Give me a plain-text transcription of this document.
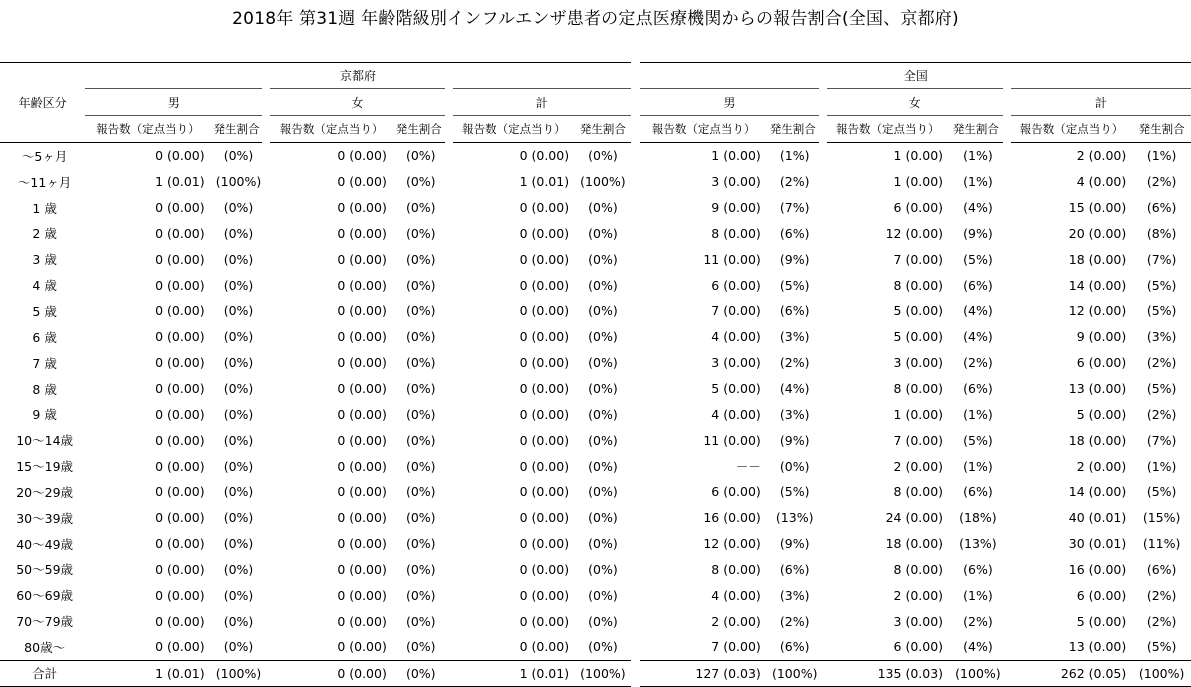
2018年 第31週 年齢階級別インフルエンザ患者の定点医療機関からの報告割合(全国、京都府)
	京都府							全国					
年齢区分	男		女		計			男		女		計	
	報告数（定点当り）	発生割合	報告数（定点当り）	発生割合	報告数（定点当り）	発生割合		報告数（定点当り）	発生割合	報告数（定点当り）	発生割合	報告数（定点当り）	発生割合
～5ヶ月	0 (0.00)	(0%)	0 (0.00)	(0%)	0 (0.00)	(0%)		1 (0.00)	(1%)	1 (0.00)	(1%)	2 (0.00)	(1%)
～11ヶ月	1 (0.01)	(100%)	0 (0.00)	(0%)	1 (0.01)	(100%)		3 (0.00)	(2%)	1 (0.00)	(1%)	4 (0.00)	(2%)
1 歳	0 (0.00)	(0%)	0 (0.00)	(0%)	0 (0.00)	(0%)		9 (0.00)	(7%)	6 (0.00)	(4%)	15 (0.00)	(6%)
2 歳	0 (0.00)	(0%)	0 (0.00)	(0%)	0 (0.00)	(0%)		8 (0.00)	(6%)	12 (0.00)	(9%)	20 (0.00)	(8%)
3 歳	0 (0.00)	(0%)	0 (0.00)	(0%)	0 (0.00)	(0%)		11 (0.00)	(9%)	7 (0.00)	(5%)	18 (0.00)	(7%)
4 歳	0 (0.00)	(0%)	0 (0.00)	(0%)	0 (0.00)	(0%)		6 (0.00)	(5%)	8 (0.00)	(6%)	14 (0.00)	(5%)
5 歳	0 (0.00)	(0%)	0 (0.00)	(0%)	0 (0.00)	(0%)		7 (0.00)	(6%)	5 (0.00)	(4%)	12 (0.00)	(5%)
6 歳	0 (0.00)	(0%)	0 (0.00)	(0%)	0 (0.00)	(0%)		4 (0.00)	(3%)	5 (0.00)	(4%)	9 (0.00)	(3%)
7 歳	0 (0.00)	(0%)	0 (0.00)	(0%)	0 (0.00)	(0%)		3 (0.00)	(2%)	3 (0.00)	(2%)	6 (0.00)	(2%)
8 歳	0 (0.00)	(0%)	0 (0.00)	(0%)	0 (0.00)	(0%)		5 (0.00)	(4%)	8 (0.00)	(6%)	13 (0.00)	(5%)
9 歳	0 (0.00)	(0%)	0 (0.00)	(0%)	0 (0.00)	(0%)		4 (0.00)	(3%)	1 (0.00)	(1%)	5 (0.00)	(2%)
10～14歳	0 (0.00)	(0%)	0 (0.00)	(0%)	0 (0.00)	(0%)		11 (0.00)	(9%)	7 (0.00)	(5%)	18 (0.00)	(7%)
15～19歳	0 (0.00)	(0%)	0 (0.00)	(0%)	0 (0.00)	(0%)		－－	(0%)	2 (0.00)	(1%)	2 (0.00)	(1%)
20～29歳	0 (0.00)	(0%)	0 (0.00)	(0%)	0 (0.00)	(0%)		6 (0.00)	(5%)	8 (0.00)	(6%)	14 (0.00)	(5%)
30～39歳	0 (0.00)	(0%)	0 (0.00)	(0%)	0 (0.00)	(0%)		16 (0.00)	(13%)	24 (0.00)	(18%)	40 (0.01)	(15%)
40～49歳	0 (0.00)	(0%)	0 (0.00)	(0%)	0 (0.00)	(0%)		12 (0.00)	(9%)	18 (0.00)	(13%)	30 (0.01)	(11%)
50～59歳	0 (0.00)	(0%)	0 (0.00)	(0%)	0 (0.00)	(0%)		8 (0.00)	(6%)	8 (0.00)	(6%)	16 (0.00)	(6%)
60～69歳	0 (0.00)	(0%)	0 (0.00)	(0%)	0 (0.00)	(0%)		4 (0.00)	(3%)	2 (0.00)	(1%)	6 (0.00)	(2%)
70～79歳	0 (0.00)	(0%)	0 (0.00)	(0%)	0 (0.00)	(0%)		2 (0.00)	(2%)	3 (0.00)	(2%)	5 (0.00)	(2%)
80歳～	0 (0.00)	(0%)	0 (0.00)	(0%)	0 (0.00)	(0%)		7 (0.00)	(6%)	6 (0.00)	(4%)	13 (0.00)	(5%)
合計	1 (0.01)	(100%)	0 (0.00)	(0%)	1 (0.01)	(100%)		127 (0.03)	(100%)	135 (0.03)	(100%)	262 (0.05)	(100%)
